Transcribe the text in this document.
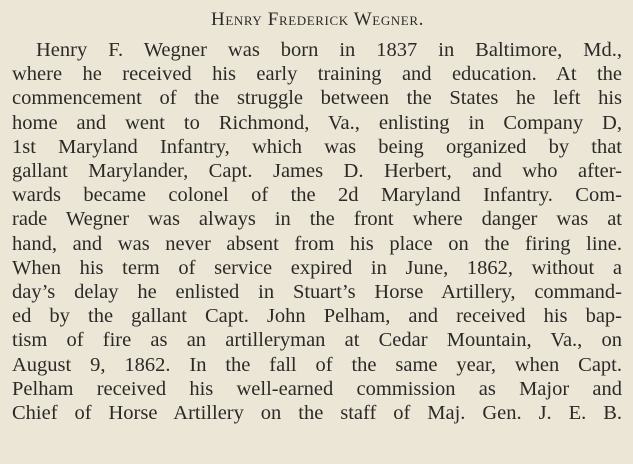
Henry Frederick Wegner.
Henry F. Wegner was born in 1837 in Baltimore, Md.,
where he received his early training and education. At the
commencement of the struggle between the States he left his
home and went to Richmond, Va., enlisting in Company D,
1st Maryland Infantry, which was being organized by that
gallant Marylander, Capt. James D. Herbert, and who after-
wards became colonel of the 2d Maryland Infantry. Com-
rade Wegner was always in the front where danger was at
hand, and was never absent from his place on the firing line.
When his term of service expired in June, 1862, without a
day’s delay he enlisted in Stuart’s Horse Artillery, command-
ed by the gallant Capt. John Pelham, and received his bap-
tism of fire as an artilleryman at Cedar Mountain, Va., on
August 9, 1862. In the fall of the same year, when Capt.
Pelham received his well-earned commission as Major and
Chief of Horse Artillery on the staff of Maj. Gen. J. E. B.
